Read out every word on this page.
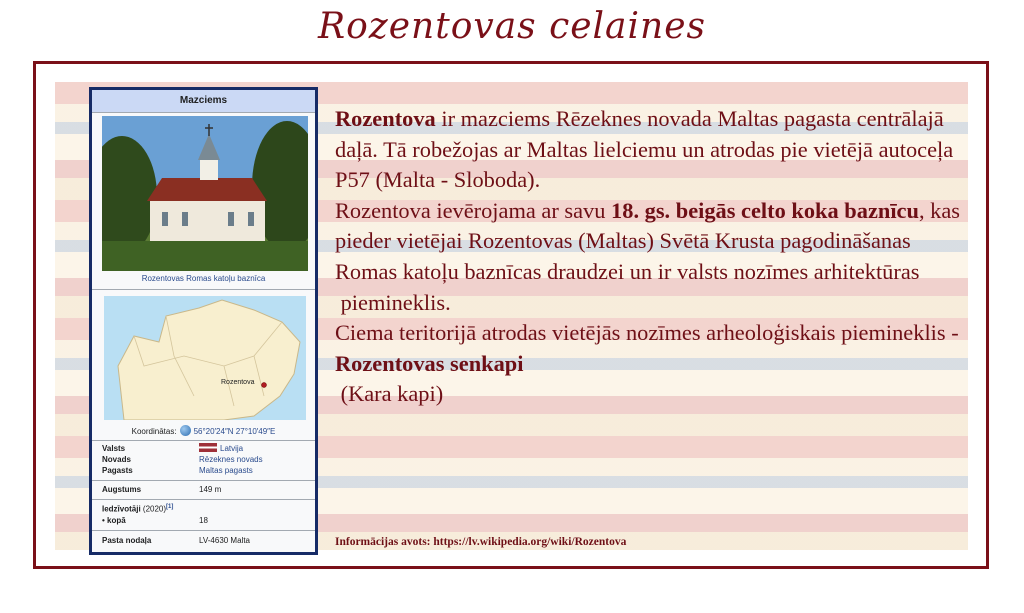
Rozentovas celaines
Mazciems
Rozentovas Romas katoļu baznīca
Rozentova
Koordinātas: 56°20′24″N 27°10′49″E
Valsts	Latvija
Novads	Rēzeknes novads
Pagasts	Maltas pagasts
Augstums	149 m
Iedzīvotāji (2020)[1]
• kopā	18
Pasta nodaļa	LV-4630 Malta

Rozentova ir mazciems Rēzeknes novada Maltas pagasta centrālajā daļā. Tā robežojas ar Maltas lielciemu un atrodas pie vietējā autoceļa P57 (Malta - Sloboda).

Rozentova ievērojama ar savu 18. gs. beigās celto koka baznīcu, kas pieder vietējai Rozentovas (Maltas) Svētā Krusta pagodināšanas Romas katoļu baznīcas draudzei un ir valsts nozīmes arhitektūras
piemineklis.

Ciema teritorijā atrodas vietējās nozīmes arheoloģiskais piemineklis - Rozentovas senkapi
(Kara kapi)

Informācijas avots: https://lv.wikipedia.org/wiki/Rozentova
